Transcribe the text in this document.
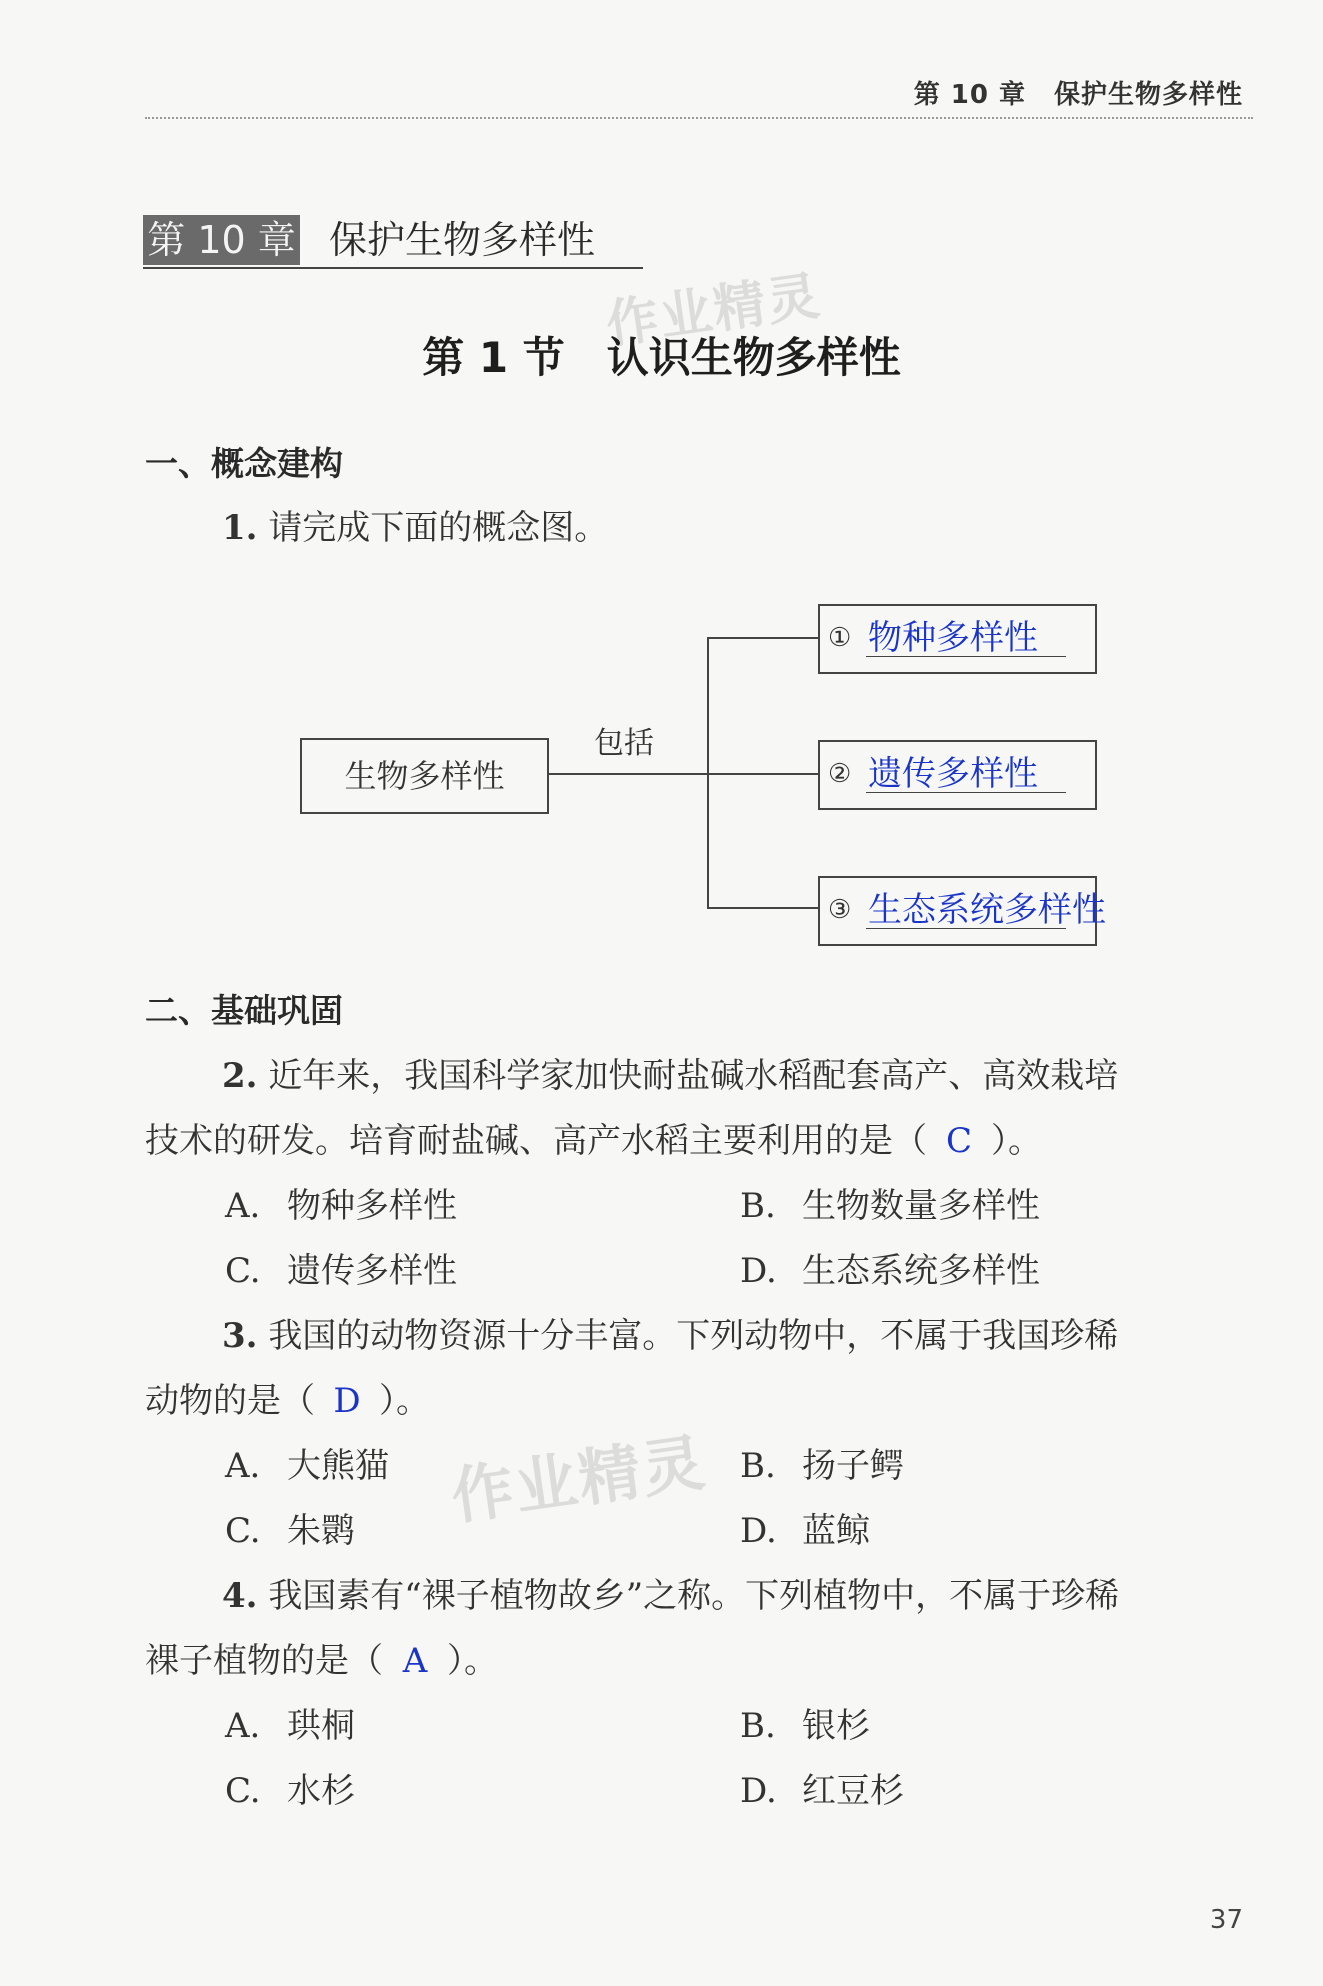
第 10 章 保护生物多样性
第 10 章 保护生物多样性
作业精灵
第 1 节　认识生物多样性
一、概念建构
1. 请完成下面的概念图。
生物多样性
包括
① 物种多样性
② 遗传多样性
③ 生态系统多样性
二、基础巩固
2. 近年来，我国科学家加快耐盐碱水稻配套高产、高效栽培
技术的研发。培育耐盐碱、高产水稻主要利用的是（ C ）。
A. 物种多样性	B. 生物数量多样性
C. 遗传多样性	D. 生态系统多样性
3. 我国的动物资源十分丰富。下列动物中，不属于我国珍稀
动物的是（ D ）。
A. 大熊猫	B. 扬子鳄
C. 朱鹮	D. 蓝鲸
作业精灵
4. 我国素有“裸子植物故乡”之称。下列植物中，不属于珍稀
裸子植物的是（ A ）。
A. 珙桐	B. 银杉
C. 水杉	D. 红豆杉
37
